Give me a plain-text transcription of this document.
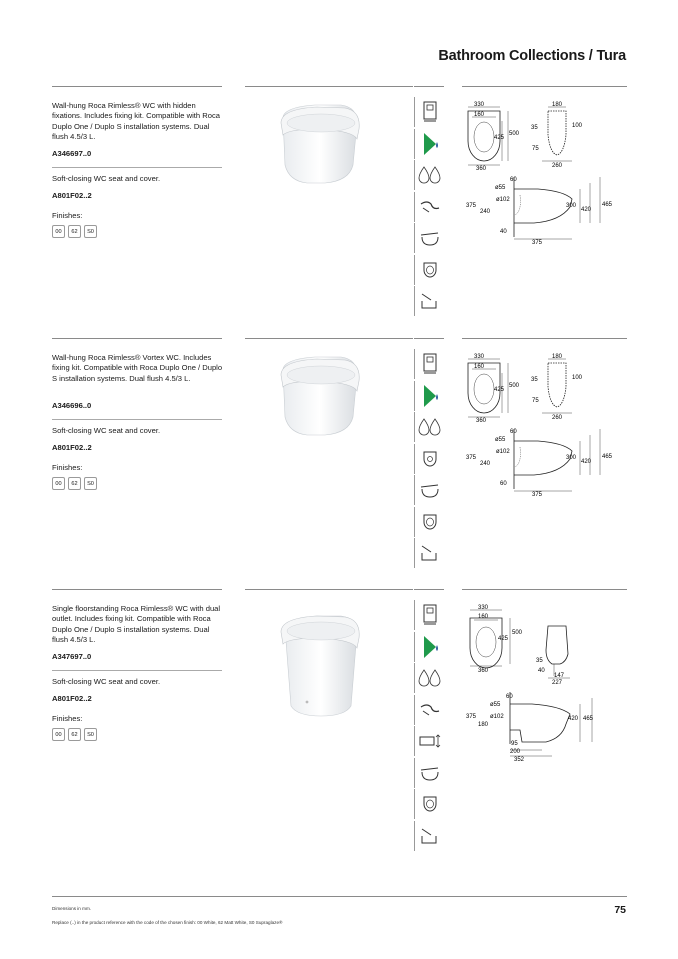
Bathroom Collections / Tura
Wall-hung Roca Rimless® WC with hidden fixations. Includes fixing kit. Compatible with Roca Duplo One / Duplo S installation systems. Dual flush 4.5/3 L.
A346697..0
Soft-closing WC seat and cover.
A801F02..2
Finishes:
00	62	S0
330
160
500
425
360
180
35	100
75
260
60
ø55
ø102
375
240
300
420
465
40
375
Wall-hung Roca Rimless® Vortex WC. Includes fixing kit. Compatible with Roca Duplo One / Duplo S installation systems. Dual flush 4.5/3 L.
A346696..0
Soft-closing WC seat and cover.
A801F02..2
Finishes:
00	62	S0
330
160
500
425
360
180
35	100
75
260
60
ø55
ø102
375
240
300
420
465
60
375
Single floorstanding Roca Rimless® WC with dual outlet. Includes fixing kit. Compatible with Roca Duplo One / Duplo S installation systems. Dual flush 4.5/3 L.
A347697..0
Soft-closing WC seat and cover.
A801F02..2
Finishes:
00	62	S0
330
160
500
425
360
35
40
147
227
60
ø55
ø102
375
180
420 465
95
200
352
Dimensions in mm.
Replace (..) in the product reference with the code of the chosen finish: 00 White, 62 Matt White, S0 Supraglaze®
75
